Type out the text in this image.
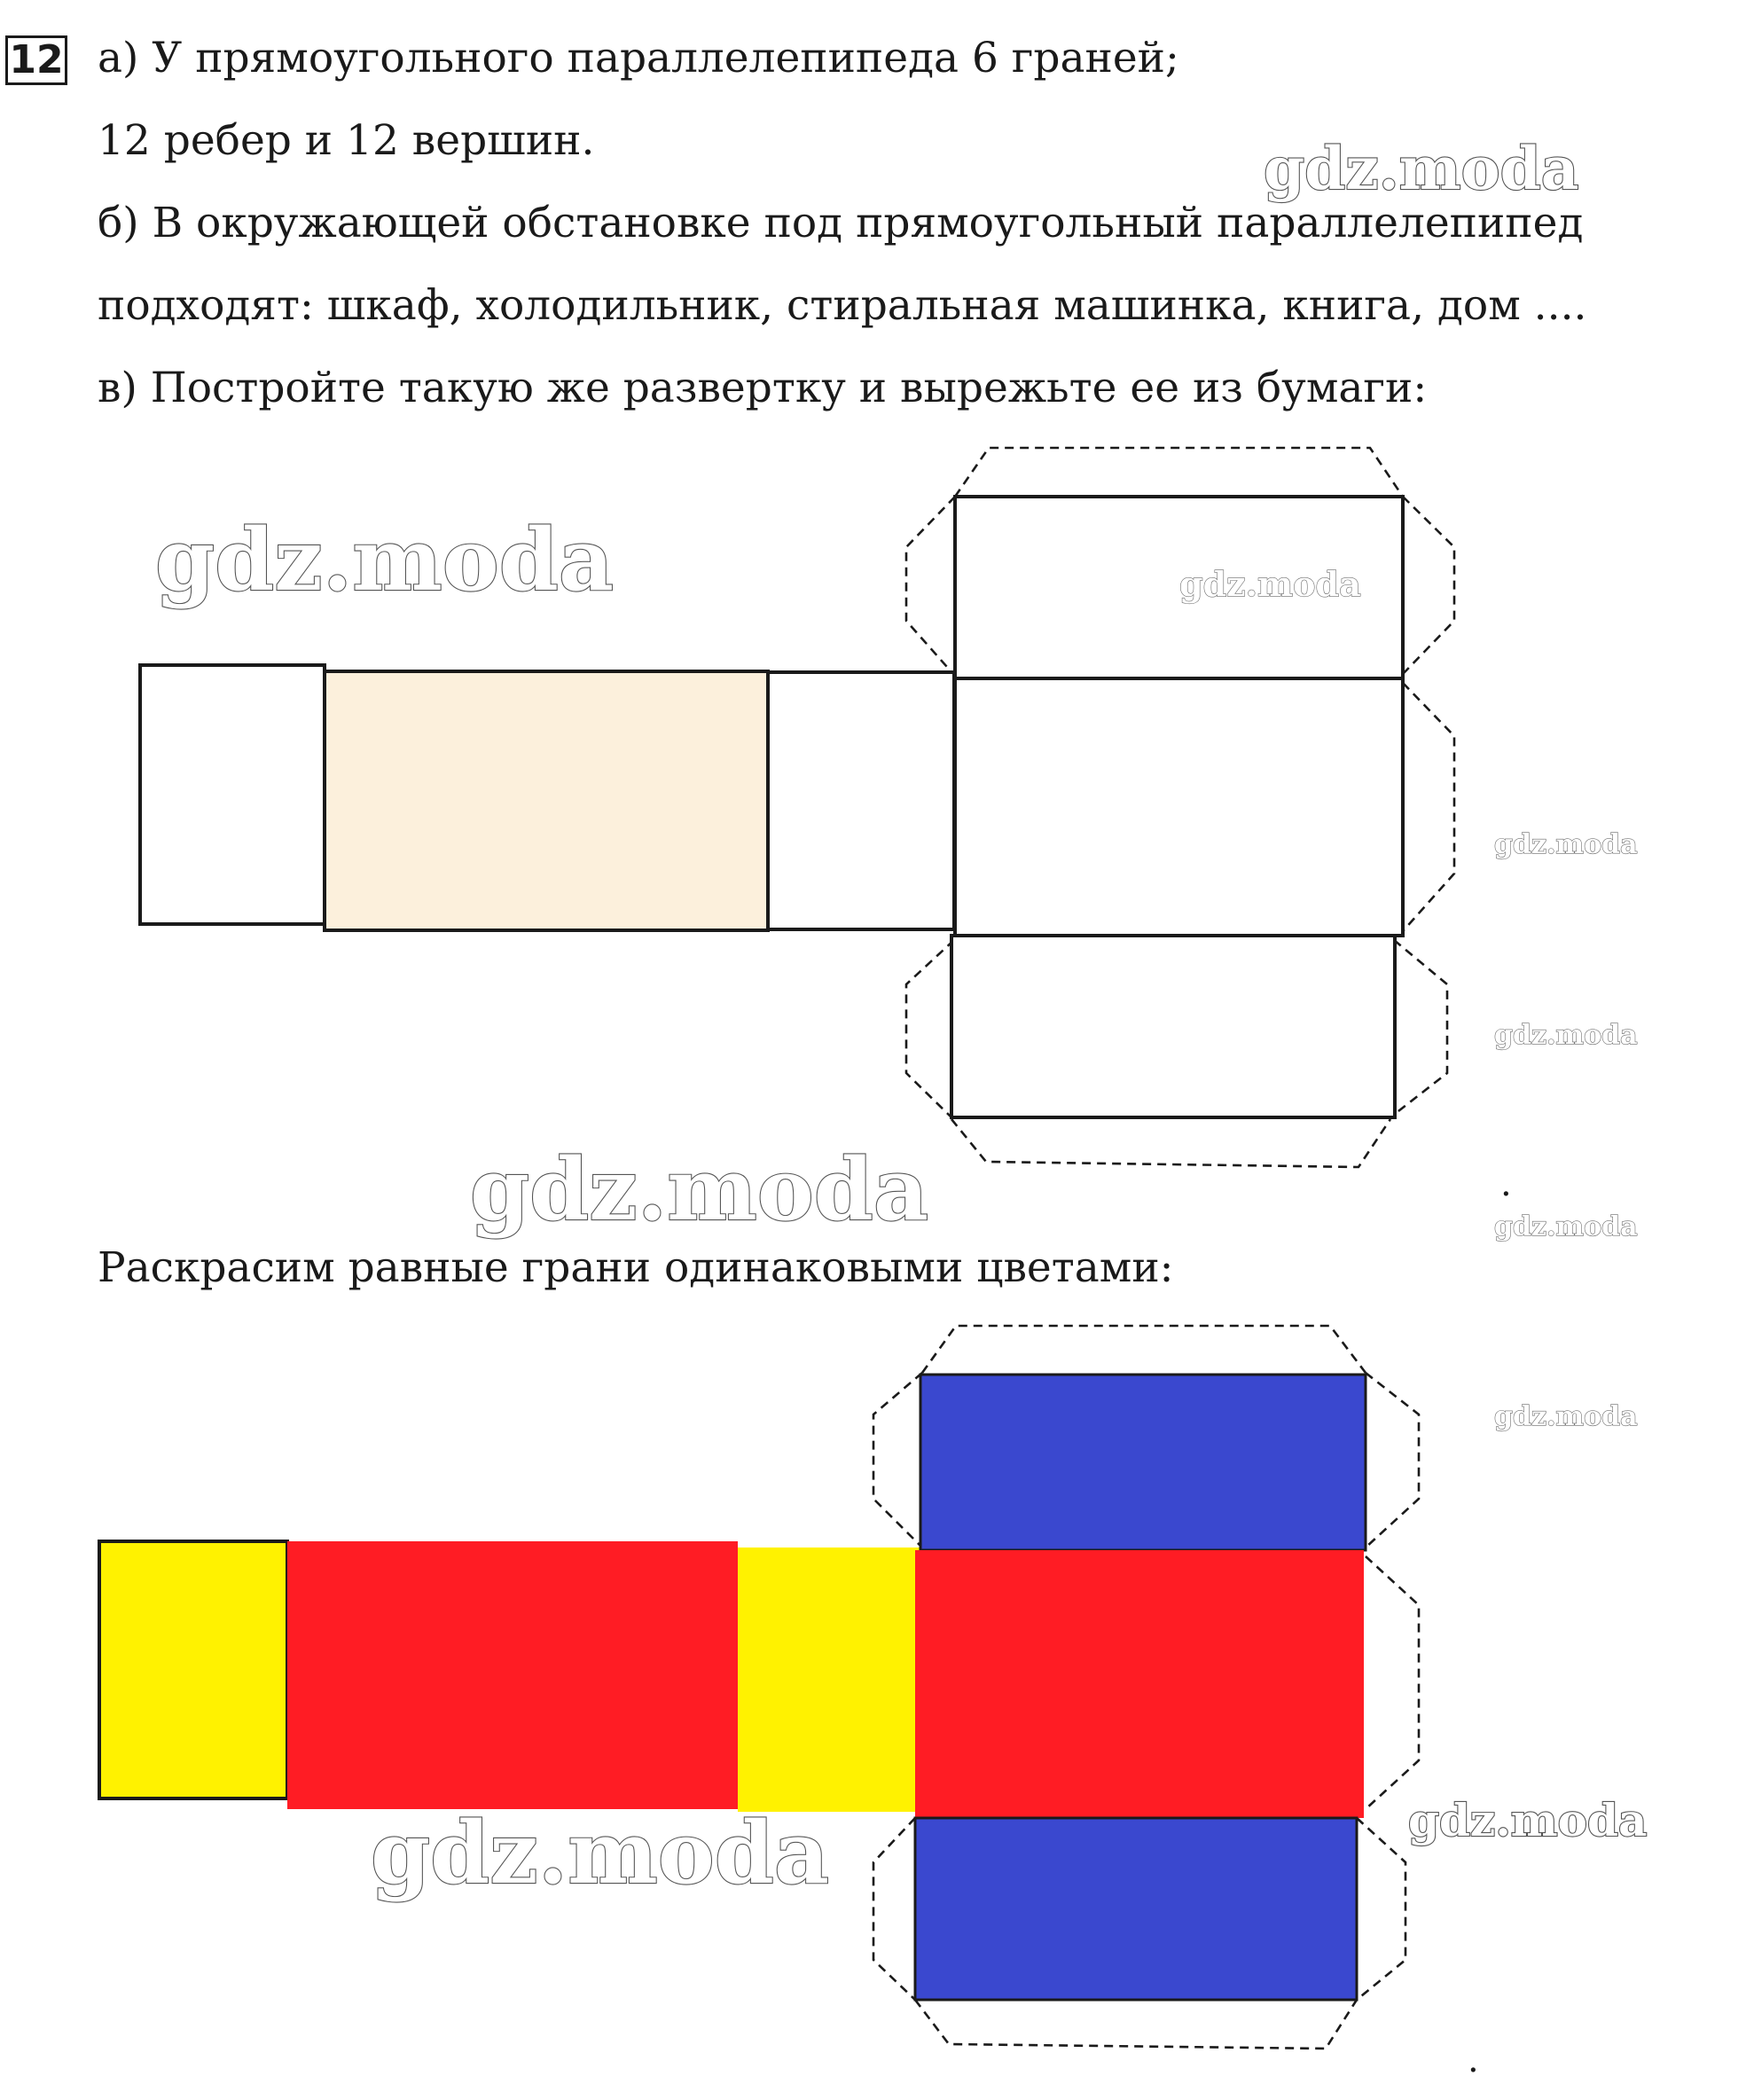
12 а) У прямоугольного параллелепипеда 6 граней;
12 ребер и 12 вершин.
б) В окружающей обстановке под прямоугольный параллелепипед
подходят: шкаф, холодильник, стиральная машинка, книга, дом ....
в) Постройте такую же развертку и вырежьте ее из бумаги:
Раскрасим равные грани одинаковыми цветами:
gdz.moda
gdz.moda	gdz.moda
gdz.moda
gdz.moda
gdz.moda	gdz.moda
gdz.moda
gdz.moda
gdz.moda
.
.
